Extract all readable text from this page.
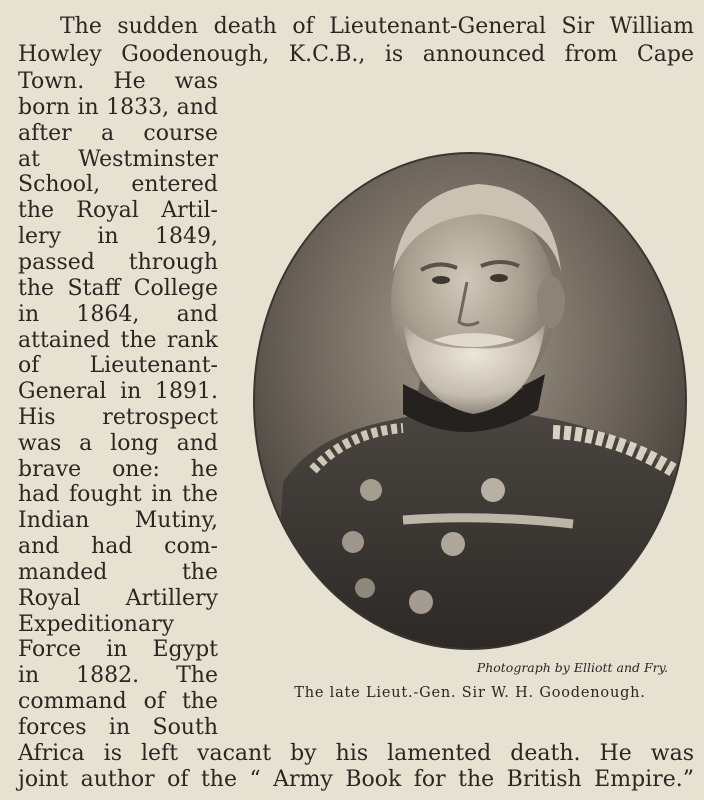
The sudden death of Lieutenant-General Sir William

Howley Goodenough, K.C.B., is announced from Cape

Town. He was

born in 1833, and

after a course

at Westminster

School, entered

the Royal Artil-

lery in 1849,

passed through

the Staff College

in 1864, and

attained the rank

of Lieutenant-

General in 1891.

His retrospect

was a long and

brave one: he

had fought in the

Indian Mutiny,

and had com-

manded the

Royal Artillery

Expeditionary

Force in Egypt

in 1882. The

command of the

forces in South

Africa is left vacant by his lamented death. He was

joint author of the “ Army Book for the British Empire.”

Photograph by Elliott and Fry.
The late Lieut.-Gen. Sir W. H. Goodenough.
